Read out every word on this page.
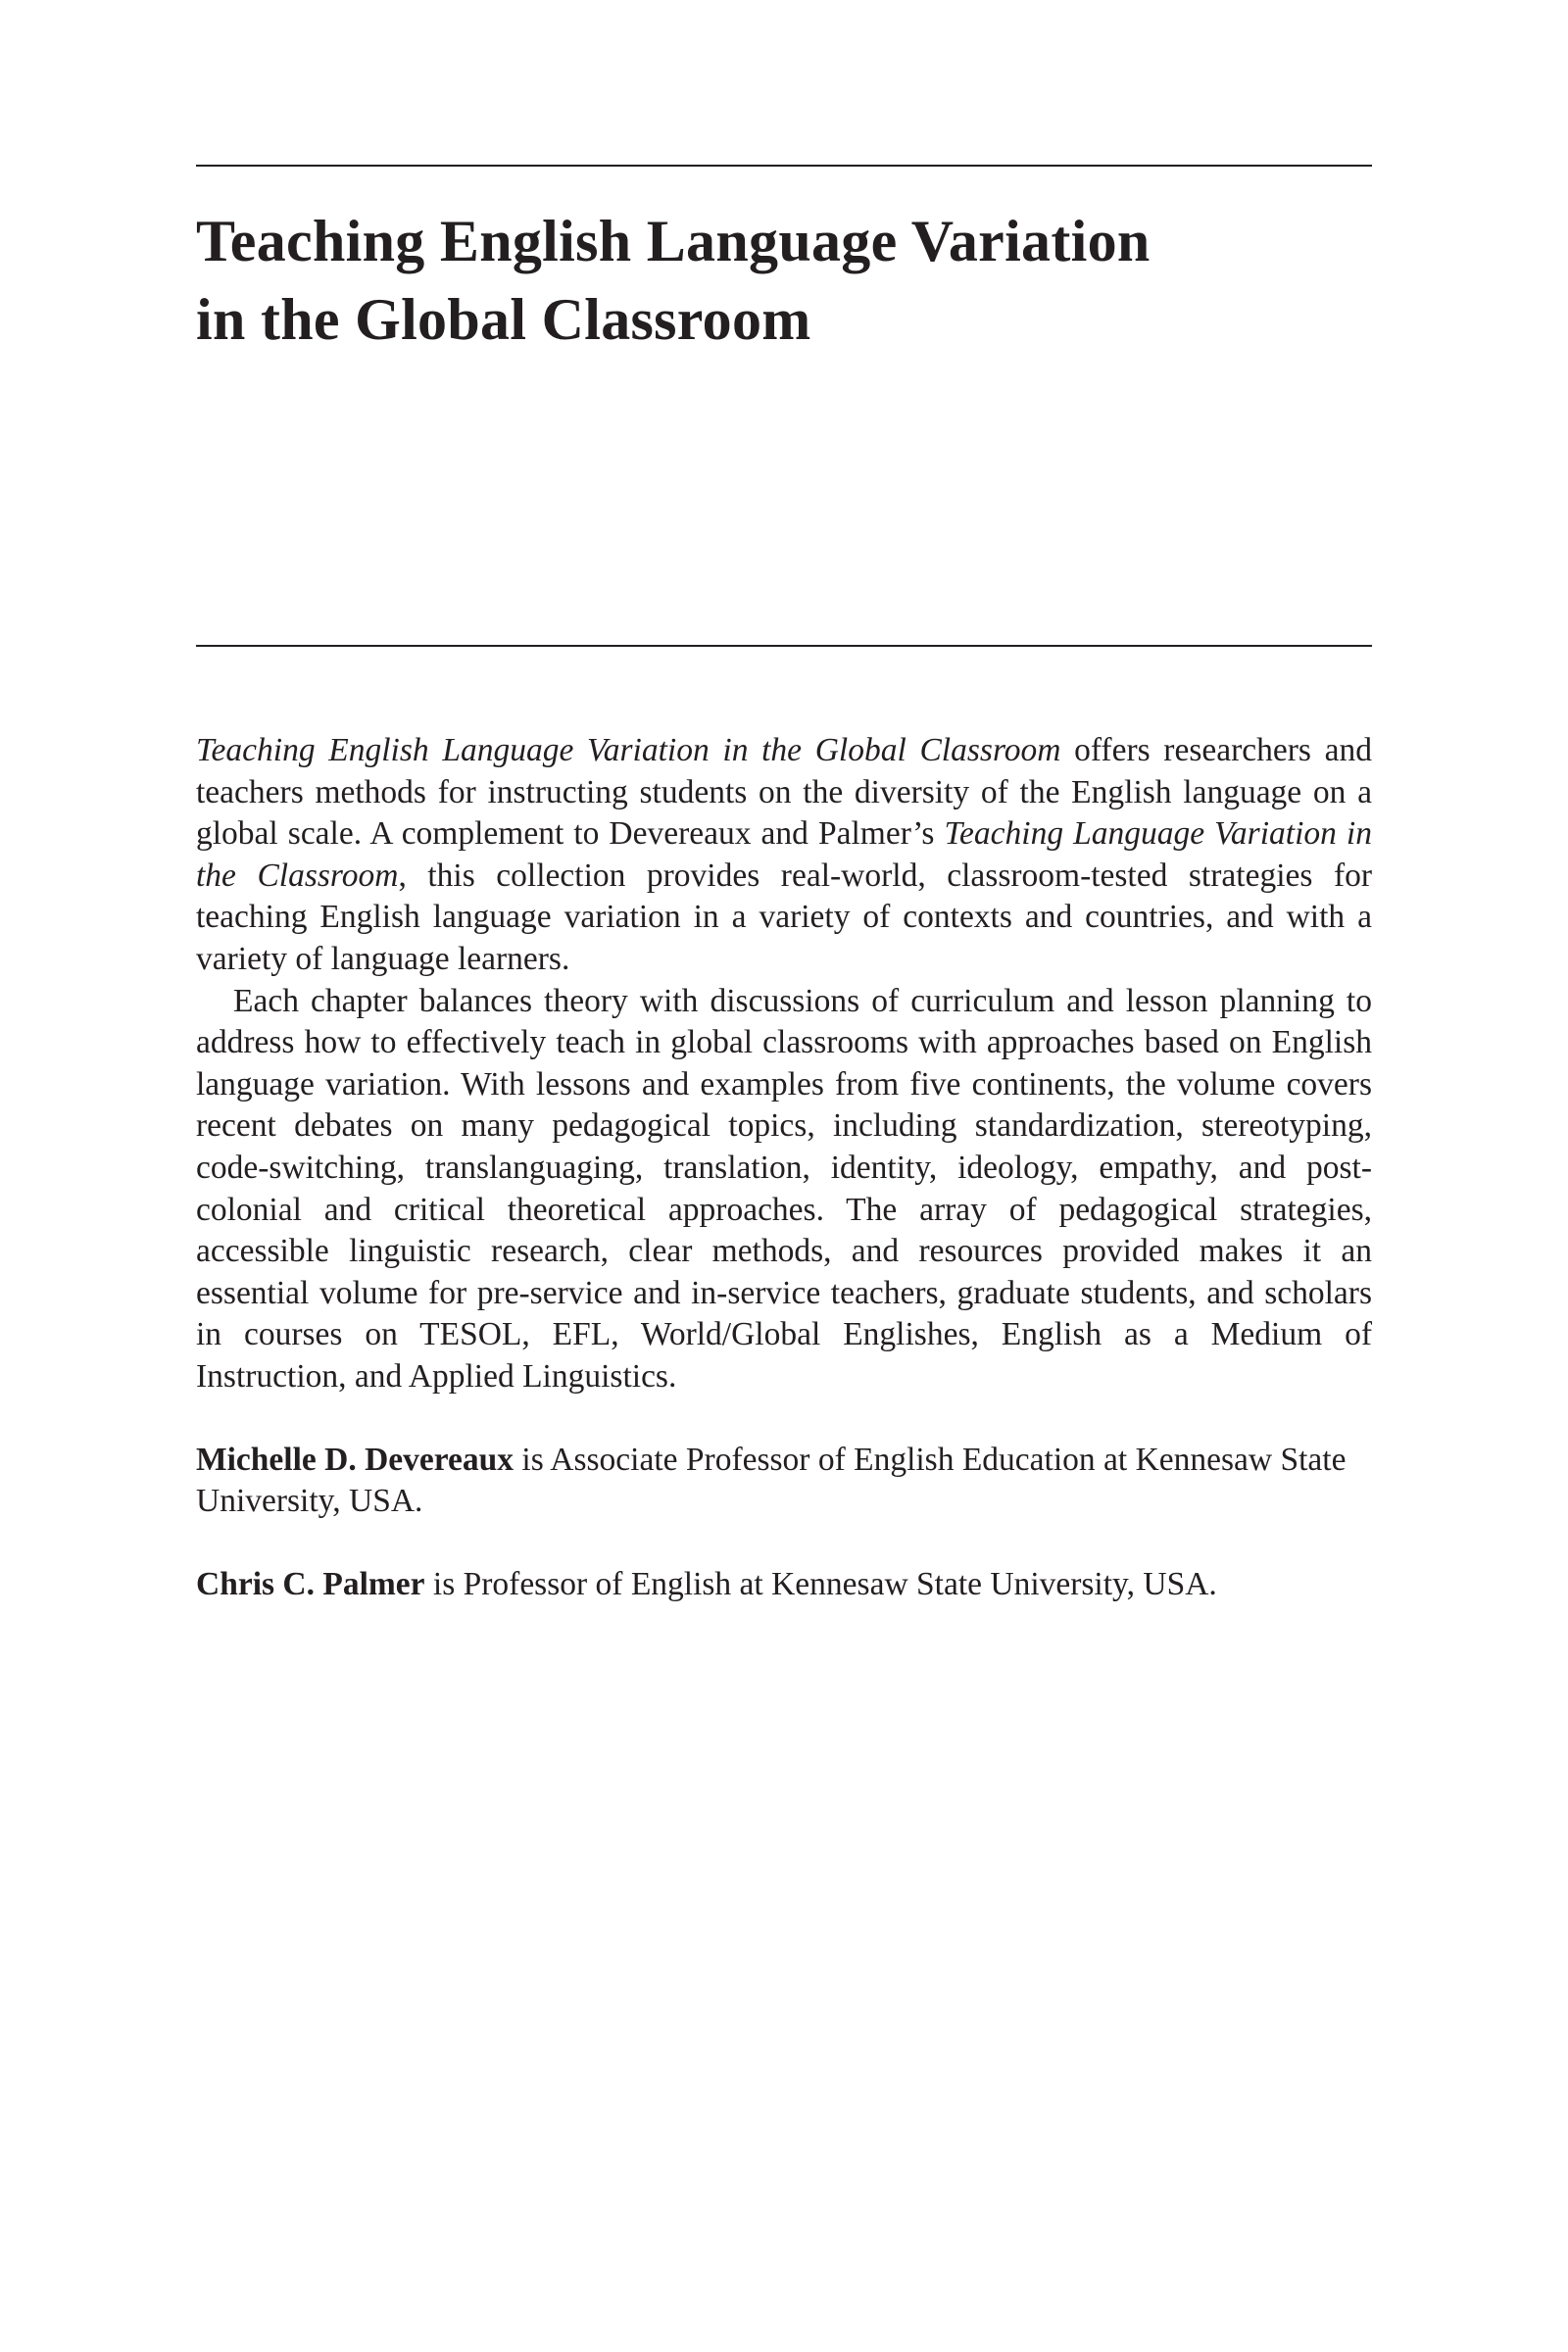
Teaching English Language Variation
in the Global Classroom

Teaching English Language Variation in the Global Classroom offers researchers and teachers methods for instructing students on the diversity of the English language on a global scale. A complement to Devereaux and Palmer’s Teaching Language Variation in the Classroom, this collection provides real-world, classroom-tested strategies for teaching English language variation in a variety of contexts and countries, and with a variety of language learners.

Each chapter balances theory with discussions of curriculum and lesson planning to address how to effectively teach in global classrooms with approaches based on English language variation. With lessons and examples from five continents, the volume covers recent debates on many pedagogical topics, including standardization, stereotyping, code-switching, translanguaging, translation, identity, ideology, empathy, and post-colonial and critical theoretical approaches. The array of pedagogical strategies, accessible linguistic research, clear methods, and resources provided makes it an essential volume for pre-service and in-service teachers, graduate students, and scholars in courses on TESOL, EFL, World/Global Englishes, English as a Medium of Instruction, and Applied Linguistics.

Michelle D. Devereaux is Associate Professor of English Education at Kennesaw State University, USA.

Chris C. Palmer is Professor of English at Kennesaw State University, USA.
